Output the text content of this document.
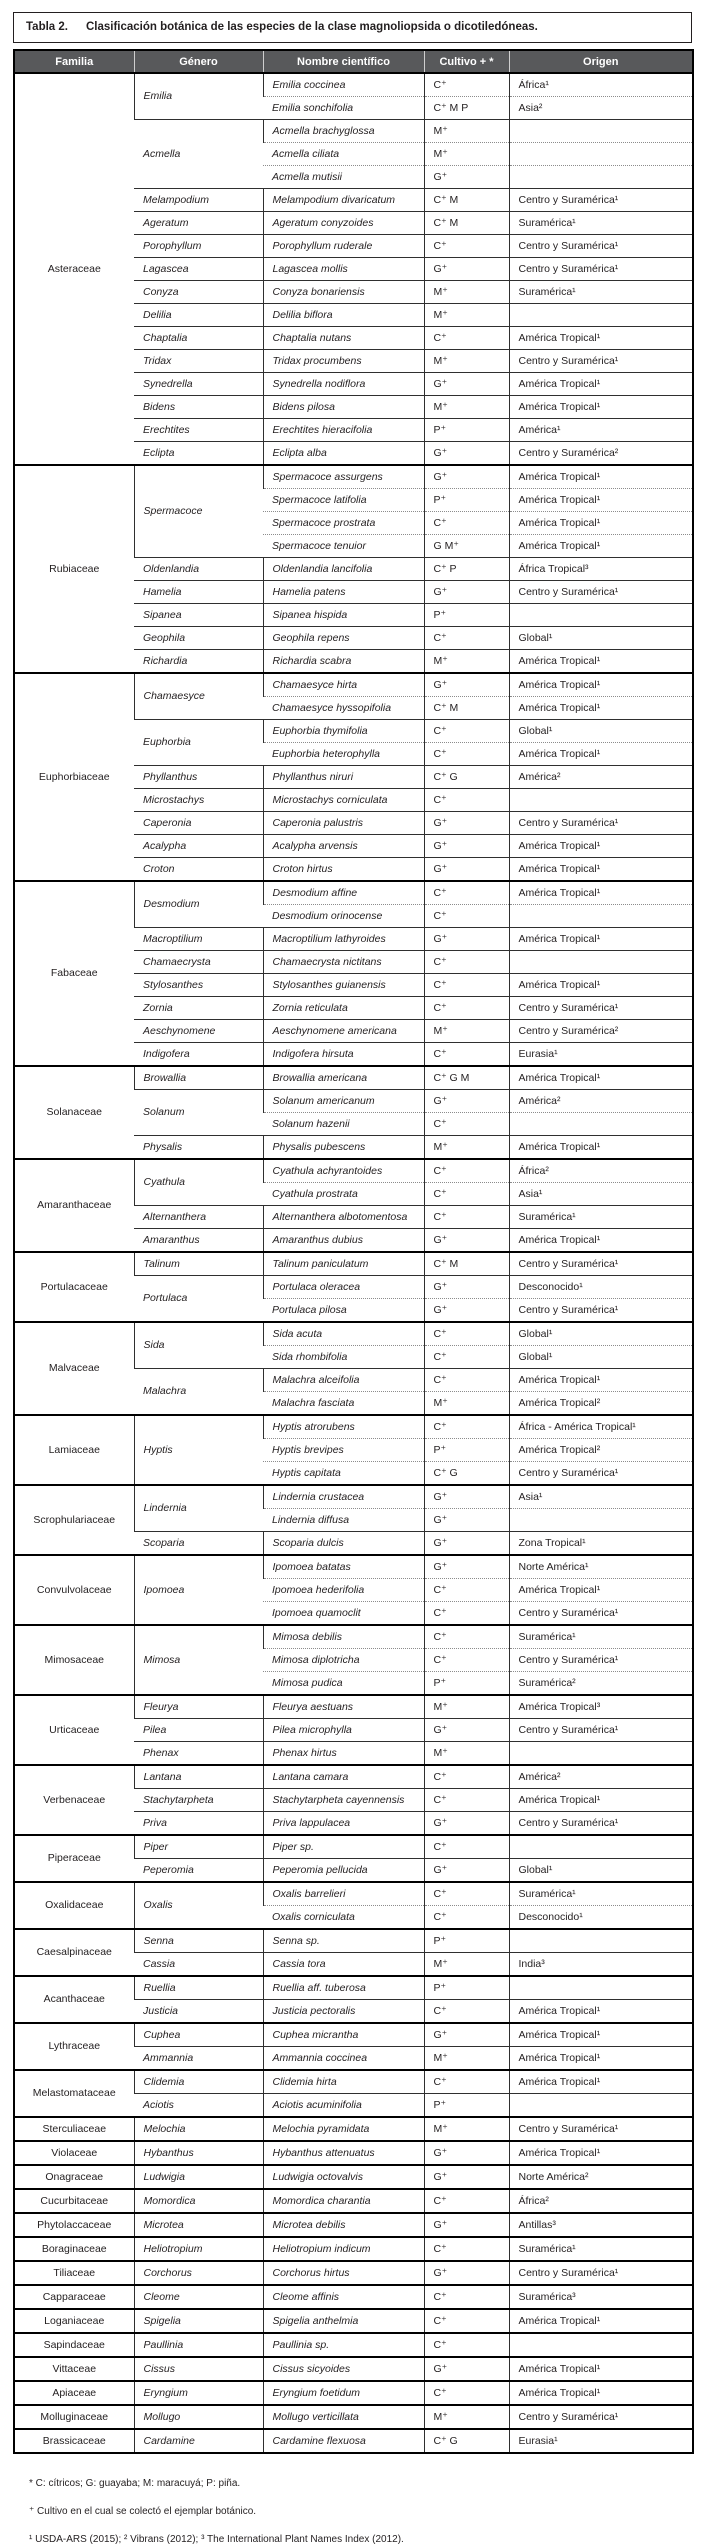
Tabla 2. Clasificación botánica de las especies de la clase magnoliopsida o dicotiledóneas.
Familia	Género	Nombre científico	Cultivo + *	Origen
Asteraceae	Emilia	Emilia coccinea	C⁺	África¹
		Emilia sonchifolia	C⁺ M P	Asia²
	Acmella	Acmella brachyglossa	M⁺	
		Acmella ciliata	M⁺	
		Acmella mutisii	G⁺	
	Melampodium	Melampodium divaricatum	C⁺ M	Centro y Suramérica¹
	Ageratum	Ageratum conyzoides	C⁺ M	Suramérica¹
	Porophyllum	Porophyllum ruderale	C⁺	Centro y Suramérica¹
	Lagascea	Lagascea mollis	G⁺	Centro y Suramérica¹
	Conyza	Conyza bonariensis	M⁺	Suramérica¹
	Delilia	Delilia biflora	M⁺	
	Chaptalia	Chaptalia nutans	C⁺	América Tropical¹
	Tridax	Tridax procumbens	M⁺	Centro y Suramérica¹
	Synedrella	Synedrella nodiflora	G⁺	América Tropical¹
	Bidens	Bidens pilosa	M⁺	América Tropical¹
	Erechtites	Erechtites hieracifolia	P⁺	América¹
	Eclipta	Eclipta alba	G⁺	Centro y Suramérica²
Rubiaceae	Spermacoce	Spermacoce assurgens	G⁺	América Tropical¹
		Spermacoce latifolia	P⁺	América Tropical¹
		Spermacoce prostrata	C⁺	América Tropical¹
		Spermacoce tenuior	G M⁺	América Tropical¹
	Oldenlandia	Oldenlandia lancifolia	C⁺ P	África Tropical³
	Hamelia	Hamelia patens	G⁺	Centro y Suramérica¹
	Sipanea	Sipanea hispida	P⁺	
	Geophila	Geophila repens	C⁺	Global¹
	Richardia	Richardia scabra	M⁺	América Tropical¹
Euphorbiaceae	Chamaesyce	Chamaesyce hirta	G⁺	América Tropical¹
		Chamaesyce hyssopifolia	C⁺ M	América Tropical¹
	Euphorbia	Euphorbia thymifolia	C⁺	Global¹
		Euphorbia heterophylla	C⁺	América Tropical¹
	Phyllanthus	Phyllanthus niruri	C⁺ G	América²
	Microstachys	Microstachys corniculata	C⁺	
	Caperonia	Caperonia palustris	G⁺	Centro y Suramérica¹
	Acalypha	Acalypha arvensis	G⁺	América Tropical¹
	Croton	Croton hirtus	G⁺	América Tropical¹
Fabaceae	Desmodium	Desmodium affine	C⁺	América Tropical¹
		Desmodium orinocense	C⁺	
	Macroptilium	Macroptilium lathyroides	G⁺	América Tropical¹
	Chamaecrysta	Chamaecrysta nictitans	C⁺	
	Stylosanthes	Stylosanthes guianensis	C⁺	América Tropical¹
	Zornia	Zornia reticulata	C⁺	Centro y Suramérica¹
	Aeschynomene	Aeschynomene americana	M⁺	Centro y Suramérica²
	Indigofera	Indigofera hirsuta	C⁺	Eurasia¹
Solanaceae	Browallia	Browallia americana	C⁺ G M	América Tropical¹
	Solanum	Solanum americanum	G⁺	América²
		Solanum hazenii	C⁺	
	Physalis	Physalis pubescens	M⁺	América Tropical¹
Amaranthaceae	Cyathula	Cyathula achyrantoides	C⁺	África²
		Cyathula prostrata	C⁺	Asia¹
	Alternanthera	Alternanthera albotomentosa	C⁺	Suramérica¹
	Amaranthus	Amaranthus dubius	G⁺	América Tropical¹
Portulacaceae	Talinum	Talinum paniculatum	C⁺ M	Centro y Suramérica¹
	Portulaca	Portulaca oleracea	G⁺	Desconocido¹
		Portulaca pilosa	G⁺	Centro y Suramérica¹
Malvaceae	Sida	Sida acuta	C⁺	Global¹
		Sida rhombifolia	C⁺	Global¹
	Malachra	Malachra alceifolia	C⁺	América Tropical¹
		Malachra fasciata	M⁺	América Tropical²
Lamiaceae	Hyptis	Hyptis atrorubens	C⁺	África - América Tropical¹
		Hyptis brevipes	P⁺	América Tropical²
		Hyptis capitata	C⁺ G	Centro y Suramérica¹
Scrophulariaceae	Lindernia	Lindernia crustacea	G⁺	Asia¹
		Lindernia diffusa	G⁺	
	Scoparia	Scoparia dulcis	G⁺	Zona Tropical¹
Convulvolaceae	Ipomoea	Ipomoea batatas	G⁺	Norte América¹
		Ipomoea hederifolia	C⁺	América Tropical¹
		Ipomoea quamoclit	C⁺	Centro y Suramérica¹
Mimosaceae	Mimosa	Mimosa debilis	C⁺	Suramérica¹
		Mimosa diplotricha	C⁺	Centro y Suramérica¹
		Mimosa pudica	P⁺	Suramérica²
Urticaceae	Fleurya	Fleurya aestuans	M⁺	América Tropical³
	Pilea	Pilea microphylla	G⁺	Centro y Suramérica¹
	Phenax	Phenax hirtus	M⁺	
Verbenaceae	Lantana	Lantana camara	C⁺	América²
	Stachytarpheta	Stachytarpheta cayennensis	C⁺	América Tropical¹
	Priva	Priva lappulacea	G⁺	Centro y Suramérica¹
Piperaceae	Piper	Piper sp.	C⁺	
	Peperomia	Peperomia pellucida	G⁺	Global¹
Oxalidaceae	Oxalis	Oxalis barrelieri	C⁺	Suramérica¹
		Oxalis corniculata	C⁺	Desconocido¹
Caesalpinaceae	Senna	Senna sp.	P⁺	
	Cassia	Cassia tora	M⁺	India³
Acanthaceae	Ruellia	Ruellia aff. tuberosa	P⁺	
	Justicia	Justicia pectoralis	C⁺	América Tropical¹
Lythraceae	Cuphea	Cuphea micrantha	G⁺	América Tropical¹
	Ammannia	Ammannia coccinea	M⁺	América Tropical¹
Melastomataceae	Clidemia	Clidemia hirta	C⁺	América Tropical¹
	Aciotis	Aciotis acuminifolia	P⁺	
Sterculiaceae	Melochia	Melochia pyramidata	M⁺	Centro y Suramérica¹
Violaceae	Hybanthus	Hybanthus attenuatus	G⁺	América Tropical¹
Onagraceae	Ludwigia	Ludwigia octovalvis	G⁺	Norte América²
Cucurbitaceae	Momordica	Momordica charantia	C⁺	África²
Phytolaccaceae	Microtea	Microtea debilis	G⁺	Antillas³
Boraginaceae	Heliotropium	Heliotropium indicum	C⁺	Suramérica¹
Tiliaceae	Corchorus	Corchorus hirtus	G⁺	Centro y Suramérica¹
Capparaceae	Cleome	Cleome affinis	C⁺	Suramérica³
Loganiaceae	Spigelia	Spigelia anthelmia	C⁺	América Tropical¹
Sapindaceae	Paullinia	Paullinia sp.	C⁺	
Vittaceae	Cissus	Cissus sicyoides	G⁺	América Tropical¹
Apiaceae	Eryngium	Eryngium foetidum	C⁺	América Tropical¹
Molluginaceae	Mollugo	Mollugo verticillata	M⁺	Centro y Suramérica¹
Brassicaceae	Cardamine	Cardamine flexuosa	C⁺ G	Eurasia¹

* C: cítricos; G: guayaba; M: maracuyá; P: piña.

⁺ Cultivo en el cual se colectó el ejemplar botánico.

¹ USDA-ARS (2015); ² Vibrans (2012); ³ The International Plant Names Index (2012).
